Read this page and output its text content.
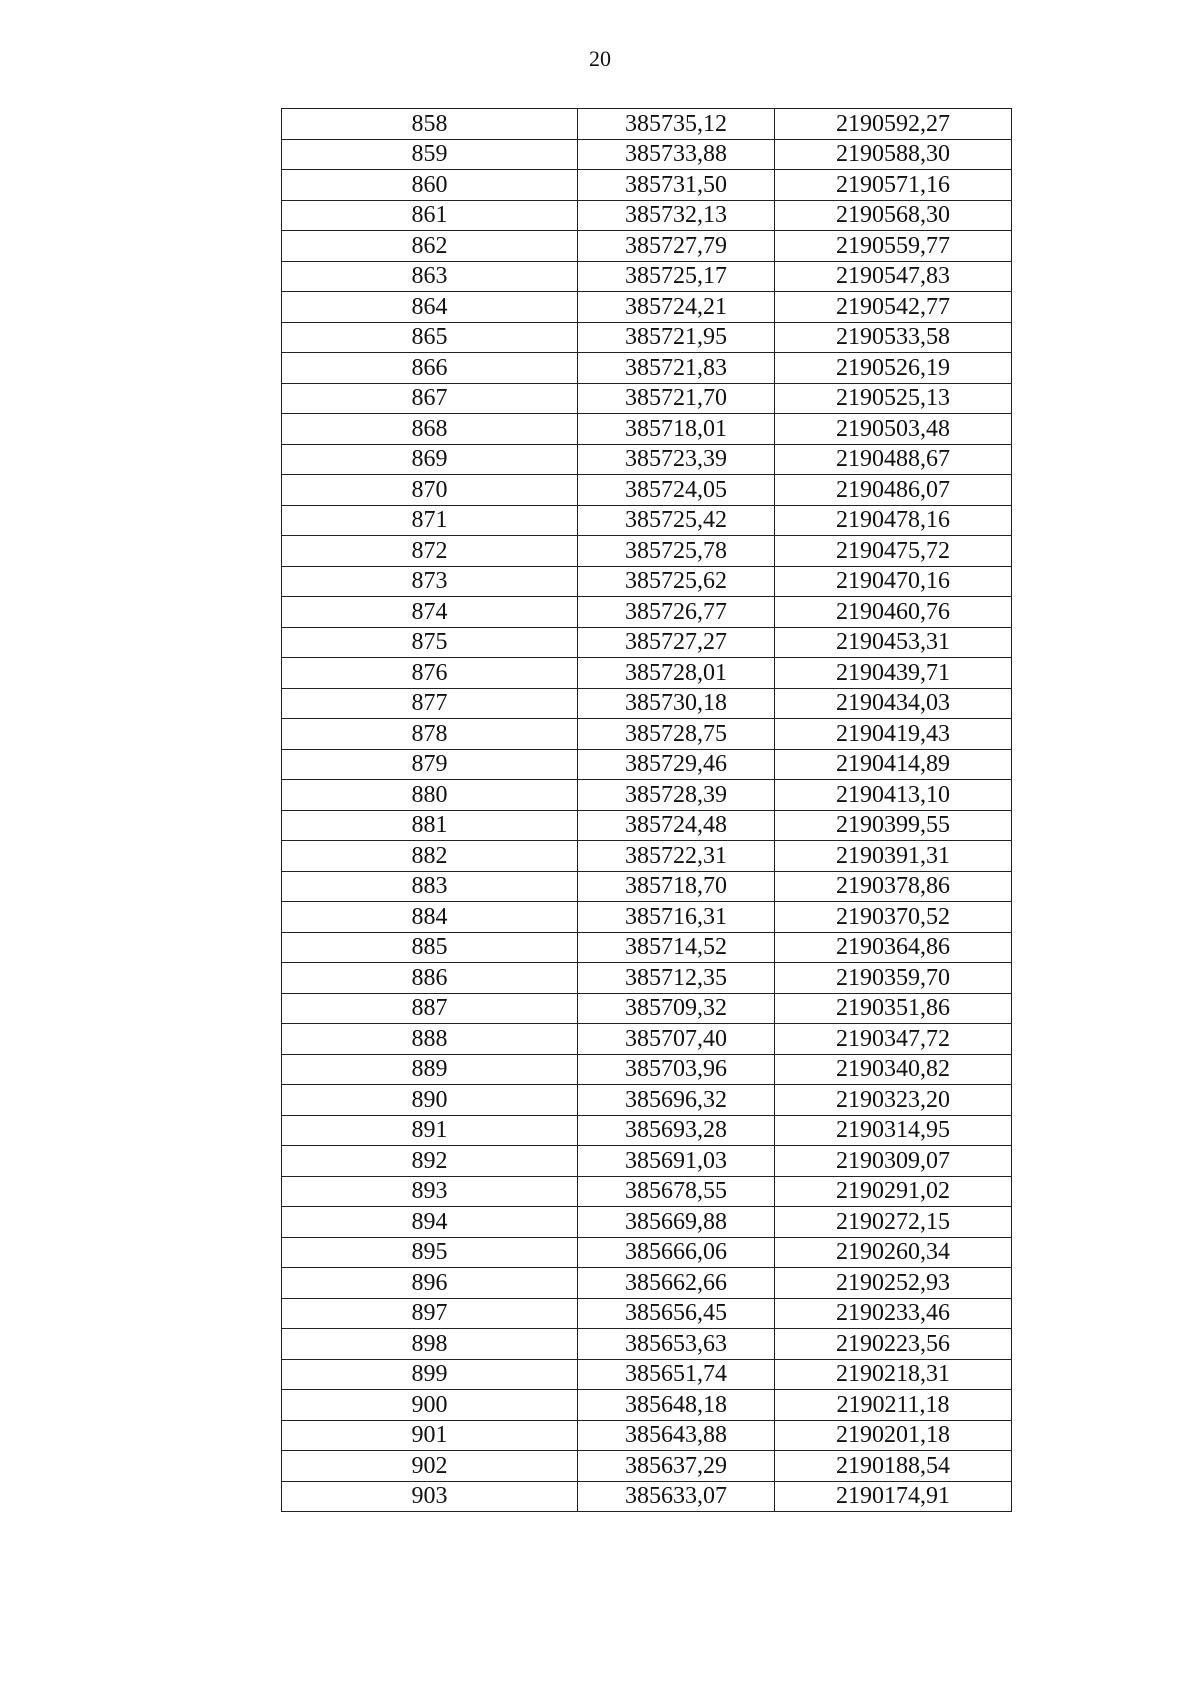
20
858	385735,12	2190592,27
859	385733,88	2190588,30
860	385731,50	2190571,16
861	385732,13	2190568,30
862	385727,79	2190559,77
863	385725,17	2190547,83
864	385724,21	2190542,77
865	385721,95	2190533,58
866	385721,83	2190526,19
867	385721,70	2190525,13
868	385718,01	2190503,48
869	385723,39	2190488,67
870	385724,05	2190486,07
871	385725,42	2190478,16
872	385725,78	2190475,72
873	385725,62	2190470,16
874	385726,77	2190460,76
875	385727,27	2190453,31
876	385728,01	2190439,71
877	385730,18	2190434,03
878	385728,75	2190419,43
879	385729,46	2190414,89
880	385728,39	2190413,10
881	385724,48	2190399,55
882	385722,31	2190391,31
883	385718,70	2190378,86
884	385716,31	2190370,52
885	385714,52	2190364,86
886	385712,35	2190359,70
887	385709,32	2190351,86
888	385707,40	2190347,72
889	385703,96	2190340,82
890	385696,32	2190323,20
891	385693,28	2190314,95
892	385691,03	2190309,07
893	385678,55	2190291,02
894	385669,88	2190272,15
895	385666,06	2190260,34
896	385662,66	2190252,93
897	385656,45	2190233,46
898	385653,63	2190223,56
899	385651,74	2190218,31
900	385648,18	2190211,18
901	385643,88	2190201,18
902	385637,29	2190188,54
903	385633,07	2190174,91
